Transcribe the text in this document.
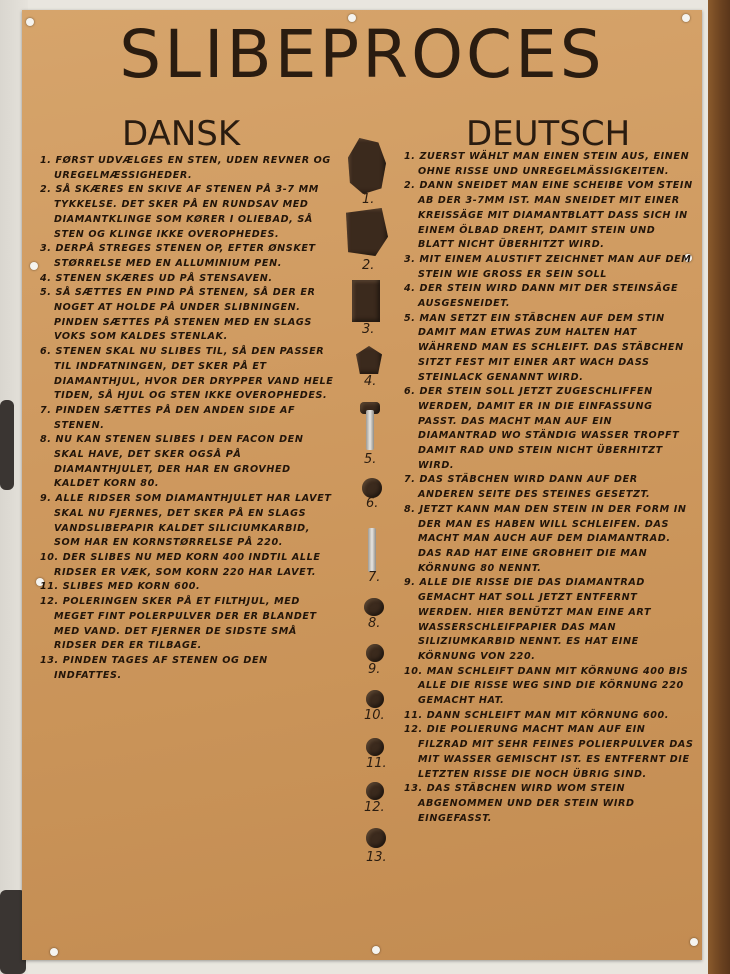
SLIBEPROCES
DANSK	DEUTSCH
1. FØRST UDVÆLGES EN STEN, UDEN REVNER OG UREGELMÆSSIGHEDER.
2. SÅ SKÆRES EN SKIVE AF STENEN PÅ 3-7 MM TYKKELSE. DET SKER PÅ EN RUNDSAV MED DIAMANTKLINGE SOM KØRER I OLIEBAD, SÅ STEN OG KLINGE IKKE OVEROPHEDES.
3. DERPÅ STREGES STENEN OP, EFTER ØNSKET STØRRELSE MED EN ALLUMINIUM PEN.
4. STENEN SKÆRES UD PÅ STENSAVEN.
5. SÅ SÆTTES EN PIND PÅ STENEN, SÅ DER ER NOGET AT HOLDE PÅ UNDER SLIBNINGEN. PINDEN SÆTTES PÅ STENEN MED EN SLAGS VOKS SOM KALDES STENLAK.
6. STENEN SKAL NU SLIBES TIL, SÅ DEN PASSER TIL INDFATNINGEN, DET SKER PÅ ET DIAMANTHJUL, HVOR DER DRYPPER VAND HELE TIDEN, SÅ HJUL OG STEN IKKE OVEROPHEDES.
7. PINDEN SÆTTES PÅ DEN ANDEN SIDE AF STENEN.
8. NU KAN STENEN SLIBES I DEN FACON DEN SKAL HAVE, DET SKER OGSÅ PÅ DIAMANTHJULET, DER HAR EN GROVHED KALDET KORN 80.
9. ALLE RIDSER SOM DIAMANTHJULET HAR LAVET SKAL NU FJERNES, DET SKER PÅ EN SLAGS VANDSLIBEPAPIR KALDET SILICIUMKARBID, SOM HAR EN KORNSTØRRELSE PÅ 220.
10. DER SLIBES NU MED KORN 400 INDTIL ALLE RIDSER ER VÆK, SOM KORN 220 HAR LAVET.
11. SLIBES MED KORN 600.
12. POLERINGEN SKER PÅ ET FILTHJUL, MED MEGET FINT POLERPULVER DER ER BLANDET MED VAND. DET FJERNER DE SIDSTE SMÅ RIDSER DER ER TILBAGE.
13. PINDEN TAGES AF STENEN OG DEN INDFATTES.
1. ZUERST WÄHLT MAN EINEN STEIN AUS, EINEN OHNE RISSE UND UNREGELMÄSSIGKEITEN.
2. DANN SNEIDET MAN EINE SCHEIBE VOM STEIN AB DER 3-7MM IST. MAN SNEIDET MIT EINER KREISSÄGE MIT DIAMANTBLATT DASS SICH IN EINEM ÖLBAD DREHT, DAMIT STEIN UND BLATT NICHT ÜBERHITZT WIRD.
3. MIT EINEM ALUSTIFT ZEICHNET MAN AUF DEM STEIN WIE GROSS ER SEIN SOLL
4. DER STEIN WIRD DANN MIT DER STEINSÄGE AUSGESNEIDET.
5. MAN SETZT EIN STÄBCHEN AUF DEM STIN DAMIT MAN ETWAS ZUM HALTEN HAT WÄHREND MAN ES SCHLEIFT. DAS STÄBCHEN SITZT FEST MIT EINER ART WACH DASS STEINLACK GENANNT WIRD.
6. DER STEIN SOLL JETZT ZUGESCHLIFFEN WERDEN, DAMIT ER IN DIE EINFASSUNG PASST. DAS MACHT MAN AUF EIN DIAMANTRAD WO STÄNDIG WASSER TROPFT DAMIT RAD UND STEIN NICHT ÜBERHITZT WIRD.
7. DAS STÄBCHEN WIRD DANN AUF DER ANDEREN SEITE DES STEINES GESETZT.
8. JETZT KANN MAN DEN STEIN IN DER FORM IN DER MAN ES HABEN WILL SCHLEIFEN. DAS MACHT MAN AUCH AUF DEM DIAMANTRAD. DAS RAD HAT EINE GROBHEIT DIE MAN KÖRNUNG 80 NENNT.
9. ALLE DIE RISSE DIE DAS DIAMANTRAD GEMACHT HAT SOLL JETZT ENTFERNT WERDEN. HIER BENÜTZT MAN EINE ART WASSERSCHLEIFPAPIER DAS MAN SILIZIUMKARBID NENNT. ES HAT EINE KÖRNUNG VON 220.
10. MAN SCHLEIFT DANN MIT KÖRNUNG 400 BIS ALLE DIE RISSE WEG SIND DIE KÖRNUNG 220 GEMACHT HAT.
11. DANN SCHLEIFT MAN MIT KÖRNUNG 600.
12. DIE POLIERUNG MACHT MAN AUF EIN FILZRAD MIT SEHR FEINES POLIERPULVER DAS MIT WASSER GEMISCHT IST. ES ENTFERNT DIE LETZTEN RISSE DIE NOCH ÜBRIG SIND.
13. DAS STÄBCHEN WIRD WOM STEIN ABGENOMMEN UND DER STEIN WIRD EINGEFASST.
1.
2.
3.
4.
5.
6.
7.
8.
9.
10.
11.
12.
13.
